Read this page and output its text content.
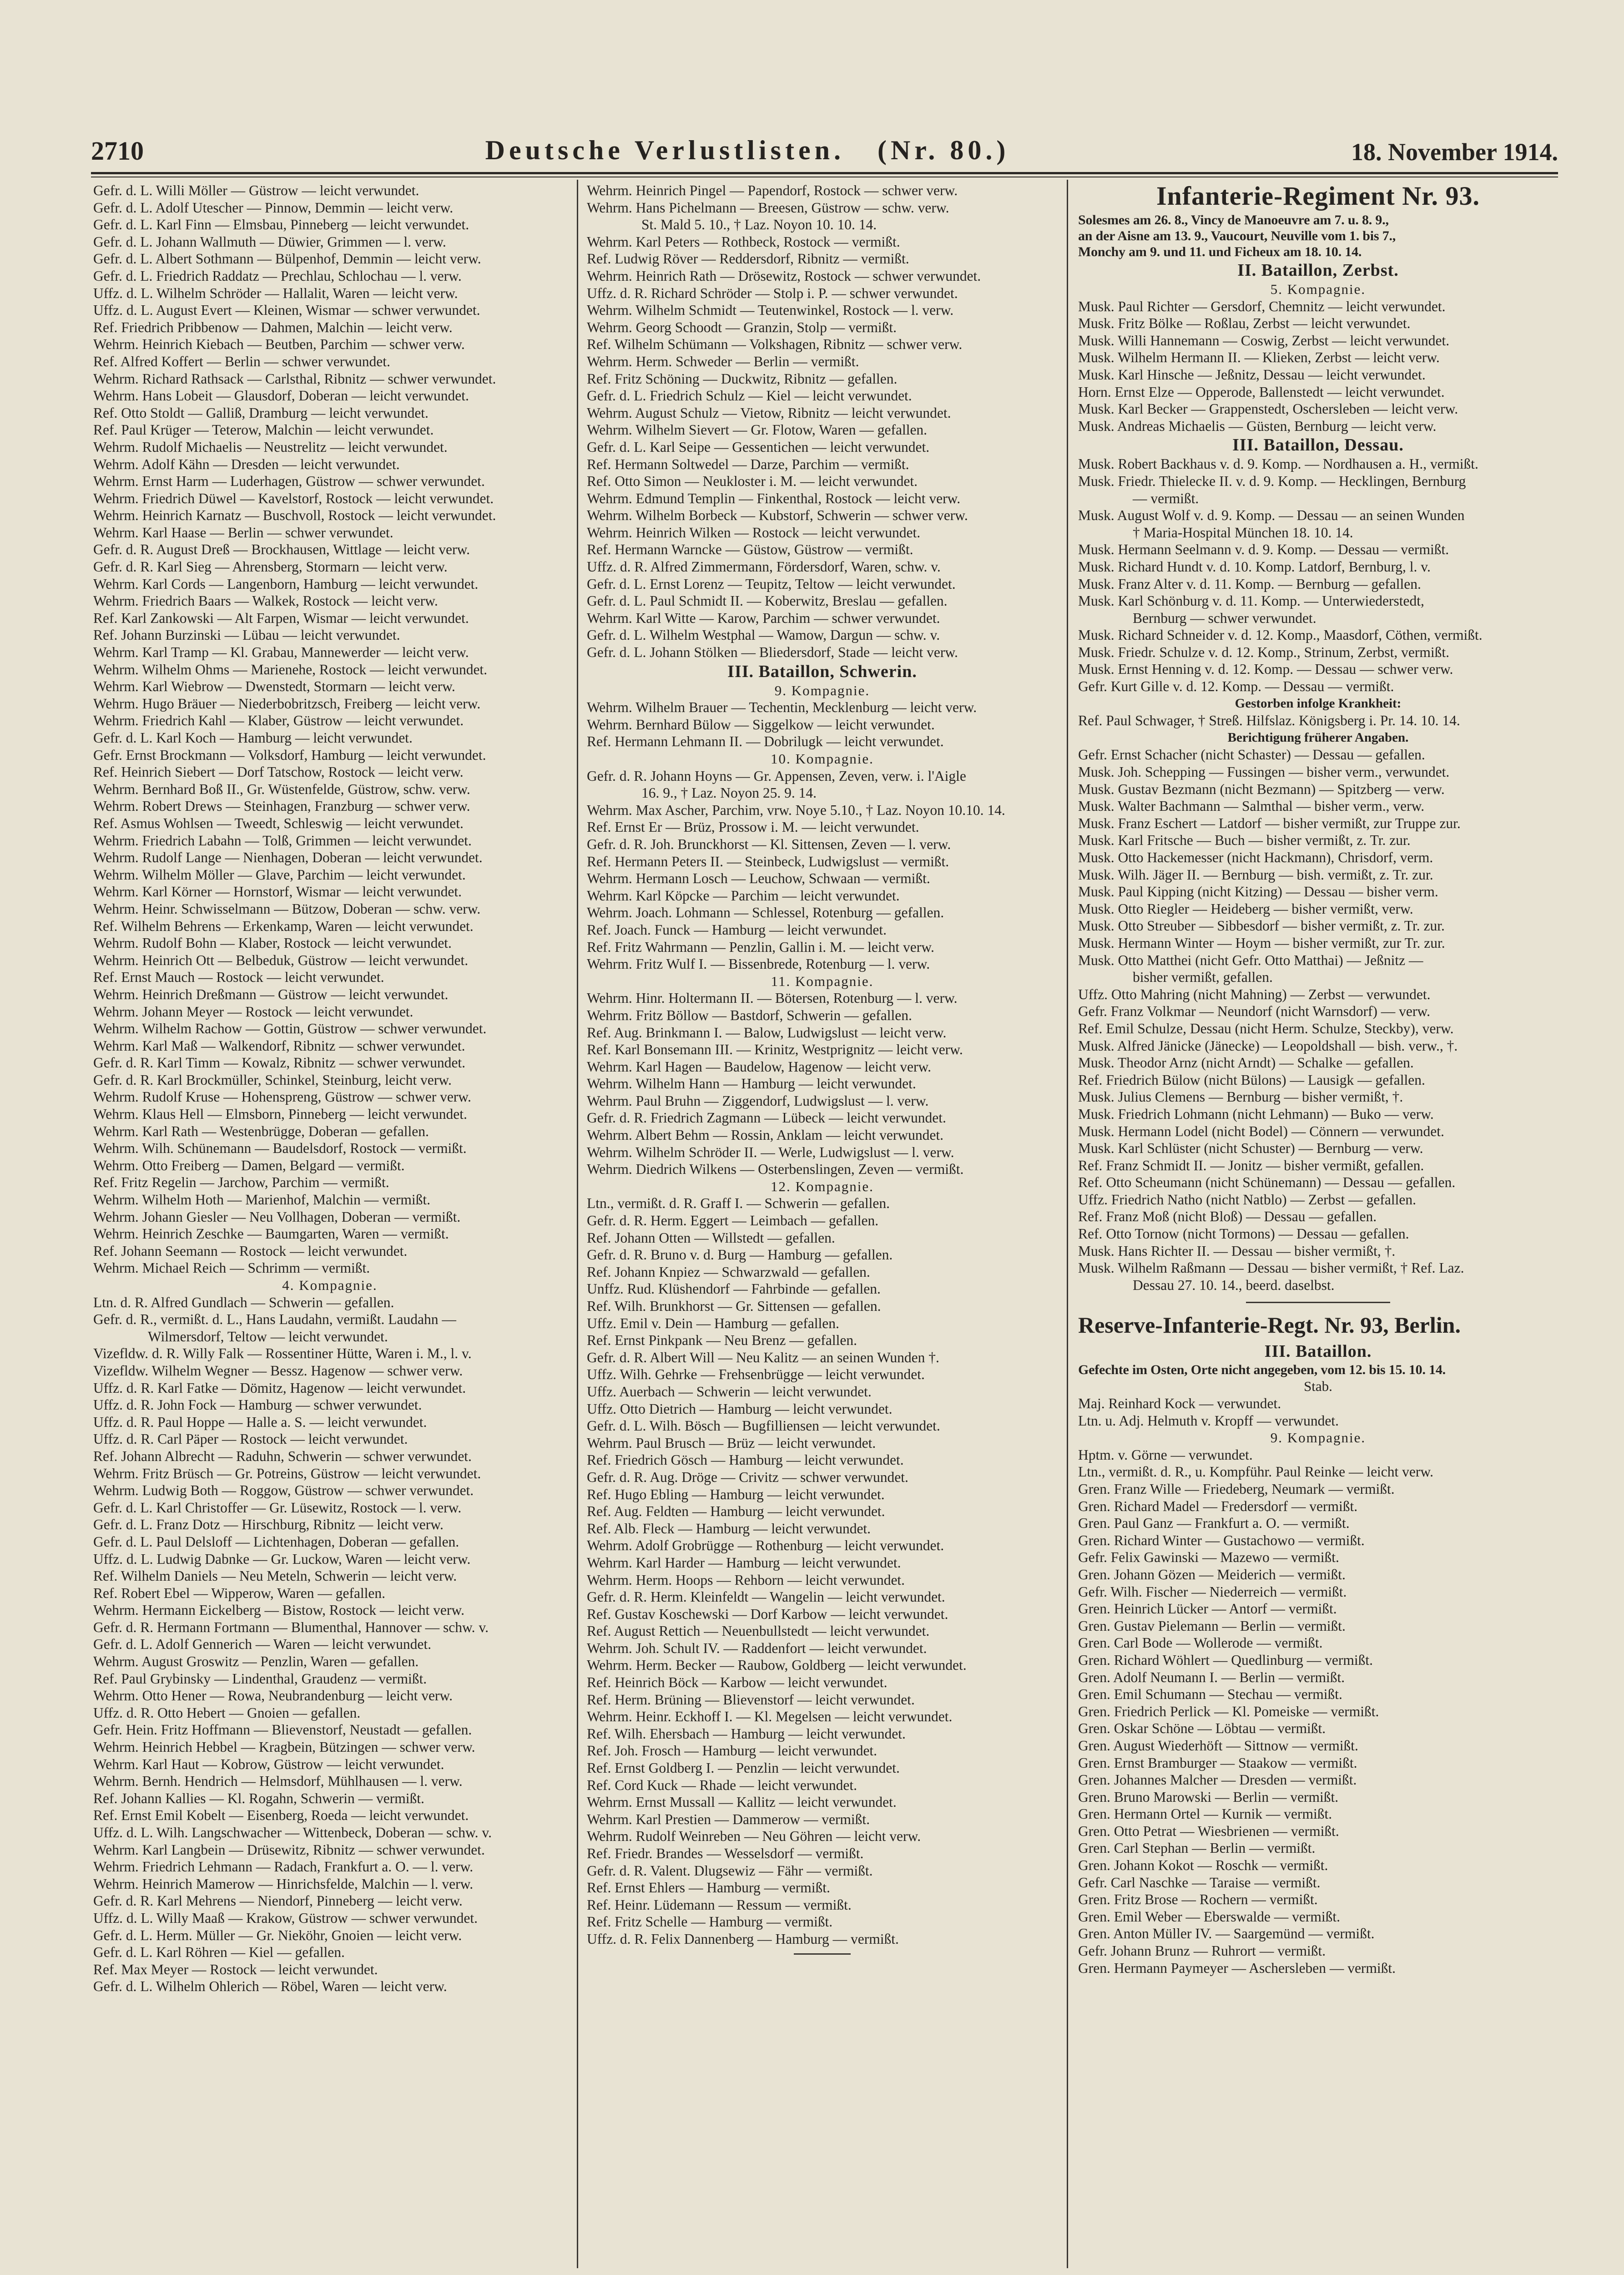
2710	Deutsche Verlustlisten. (Nr. 80.)	18. November 1914.
Gefr. d. L. Willi Möller — Güstrow — leicht verwundet.
Gefr. d. L. Adolf Utescher — Pinnow, Demmin — leicht verw.
Gefr. d. L. Karl Finn — Elmsbau, Pinneberg — leicht verwundet.
Gefr. d. L. Johann Wallmuth — Düwier, Grimmen — l. verw.
Gefr. d. L. Albert Sothmann — Bülpenhof, Demmin — leicht verw.
Gefr. d. L. Friedrich Raddatz — Prechlau, Schlochau — l. verw.
Uffz. d. L. Wilhelm Schröder — Hallalit, Waren — leicht verw.
Uffz. d. L. August Evert — Kleinen, Wismar — schwer verwundet.
Ref. Friedrich Pribbenow — Dahmen, Malchin — leicht verw.
Wehrm. Heinrich Kiebach — Beutben, Parchim — schwer verw.
Ref. Alfred Koffert — Berlin — schwer verwundet.
Wehrm. Richard Rathsack — Carlsthal, Ribnitz — schwer verwundet.
Wehrm. Hans Lobeit — Glausdorf, Doberan — leicht verwundet.
Ref. Otto Stoldt — Galliß, Dramburg — leicht verwundet.
Ref. Paul Krüger — Teterow, Malchin — leicht verwundet.
Wehrm. Rudolf Michaelis — Neustrelitz — leicht verwundet.
Wehrm. Adolf Kähn — Dresden — leicht verwundet.
Wehrm. Ernst Harm — Luderhagen, Güstrow — schwer verwundet.
Wehrm. Friedrich Düwel — Kavelstorf, Rostock — leicht verwundet.
Wehrm. Heinrich Karnatz — Buschvoll, Rostock — leicht verwundet.
Wehrm. Karl Haase — Berlin — schwer verwundet.
Gefr. d. R. August Dreß — Brockhausen, Wittlage — leicht verw.
Gefr. d. R. Karl Sieg — Ahrensberg, Stormarn — leicht verw.
Wehrm. Karl Cords — Langenborn, Hamburg — leicht verwundet.
Wehrm. Friedrich Baars — Walkek, Rostock — leicht verw.
Ref. Karl Zankowski — Alt Farpen, Wismar — leicht verwundet.
Ref. Johann Burzinski — Lübau — leicht verwundet.
Wehrm. Karl Tramp — Kl. Grabau, Mannewerder — leicht verw.
Wehrm. Wilhelm Ohms — Marienehe, Rostock — leicht verwundet.
Wehrm. Karl Wiebrow — Dwenstedt, Stormarn — leicht verw.
Wehrm. Hugo Bräuer — Niederbobritzsch, Freiberg — leicht verw.
Wehrm. Friedrich Kahl — Klaber, Güstrow — leicht verwundet.
Gefr. d. L. Karl Koch — Hamburg — leicht verwundet.
Gefr. Ernst Brockmann — Volksdorf, Hamburg — leicht verwundet.
Ref. Heinrich Siebert — Dorf Tatschow, Rostock — leicht verw.
Wehrm. Bernhard Boß II., Gr. Wüstenfelde, Güstrow, schw. verw.
Wehrm. Robert Drews — Steinhagen, Franzburg — schwer verw.
Ref. Asmus Wohlsen — Tweedt, Schleswig — leicht verwundet.
Wehrm. Friedrich Labahn — Tolß, Grimmen — leicht verwundet.
Wehrm. Rudolf Lange — Nienhagen, Doberan — leicht verwundet.
Wehrm. Wilhelm Möller — Glave, Parchim — leicht verwundet.
Wehrm. Karl Körner — Hornstorf, Wismar — leicht verwundet.
Wehrm. Heinr. Schwisselmann — Bützow, Doberan — schw. verw.
Ref. Wilhelm Behrens — Erkenkamp, Waren — leicht verwundet.
Wehrm. Rudolf Bohn — Klaber, Rostock — leicht verwundet.
Wehrm. Heinrich Ott — Belbeduk, Güstrow — leicht verwundet.
Ref. Ernst Mauch — Rostock — leicht verwundet.
Wehrm. Heinrich Dreßmann — Güstrow — leicht verwundet.
Wehrm. Johann Meyer — Rostock — leicht verwundet.
Wehrm. Wilhelm Rachow — Gottin, Güstrow — schwer verwundet.
Wehrm. Karl Maß — Walkendorf, Ribnitz — schwer verwundet.
Gefr. d. R. Karl Timm — Kowalz, Ribnitz — schwer verwundet.
Gefr. d. R. Karl Brockmüller, Schinkel, Steinburg, leicht verw.
Wehrm. Rudolf Kruse — Hohenspreng, Güstrow — schwer verw.
Wehrm. Klaus Hell — Elmsborn, Pinneberg — leicht verwundet.
Wehrm. Karl Rath — Westenbrügge, Doberan — gefallen.
Wehrm. Wilh. Schünemann — Baudelsdorf, Rostock — vermißt.
Wehrm. Otto Freiberg — Damen, Belgard — vermißt.
Ref. Fritz Regelin — Jarchow, Parchim — vermißt.
Wehrm. Wilhelm Hoth — Marienhof, Malchin — vermißt.
Wehrm. Johann Giesler — Neu Vollhagen, Doberan — vermißt.
Wehrm. Heinrich Zeschke — Baumgarten, Waren — vermißt.
Ref. Johann Seemann — Rostock — leicht verwundet.
Wehrm. Michael Reich — Schrimm — vermißt.
4. Kompagnie.
Ltn. d. R. Alfred Gundlach — Schwerin — gefallen.
Gefr. d. R., vermißt. d. L., Hans Laudahn, vermißt. Laudahn —
Wilmersdorf, Teltow — leicht verwundet.
Vizefldw. d. R. Willy Falk — Rossentiner Hütte, Waren i. M., l. v.
Vizefldw. Wilhelm Wegner — Bessz. Hagenow — schwer verw.
Uffz. d. R. Karl Fatke — Dömitz, Hagenow — leicht verwundet.
Uffz. d. R. John Fock — Hamburg — schwer verwundet.
Uffz. d. R. Paul Hoppe — Halle a. S. — leicht verwundet.
Uffz. d. R. Carl Päper — Rostock — leicht verwundet.
Ref. Johann Albrecht — Raduhn, Schwerin — schwer verwundet.
Wehrm. Fritz Brüsch — Gr. Potreins, Güstrow — leicht verwundet.
Wehrm. Ludwig Both — Roggow, Güstrow — schwer verwundet.
Gefr. d. L. Karl Christoffer — Gr. Lüsewitz, Rostock — l. verw.
Gefr. d. L. Franz Dotz — Hirschburg, Ribnitz — leicht verw.
Gefr. d. L. Paul Delsloff — Lichtenhagen, Doberan — gefallen.
Uffz. d. L. Ludwig Dabnke — Gr. Luckow, Waren — leicht verw.
Ref. Wilhelm Daniels — Neu Meteln, Schwerin — leicht verw.
Ref. Robert Ebel — Wipperow, Waren — gefallen.
Wehrm. Hermann Eickelberg — Bistow, Rostock — leicht verw.
Gefr. d. R. Hermann Fortmann — Blumenthal, Hannover — schw. v.
Gefr. d. L. Adolf Gennerich — Waren — leicht verwundet.
Wehrm. August Groswitz — Penzlin, Waren — gefallen.
Ref. Paul Grybinsky — Lindenthal, Graudenz — vermißt.
Wehrm. Otto Hener — Rowa, Neubrandenburg — leicht verw.
Uffz. d. R. Otto Hebert — Gnoien — gefallen.
Gefr. Hein. Fritz Hoffmann — Blievenstorf, Neustadt — gefallen.
Wehrm. Heinrich Hebbel — Kragbein, Bützingen — schwer verw.
Wehrm. Karl Haut — Kobrow, Güstrow — leicht verwundet.
Wehrm. Bernh. Hendrich — Helmsdorf, Mühlhausen — l. verw.
Ref. Johann Kallies — Kl. Rogahn, Schwerin — vermißt.
Ref. Ernst Emil Kobelt — Eisenberg, Roeda — leicht verwundet.
Uffz. d. L. Wilh. Langschwacher — Wittenbeck, Doberan — schw. v.
Wehrm. Karl Langbein — Drüsewitz, Ribnitz — schwer verwundet.
Wehrm. Friedrich Lehmann — Radach, Frankfurt a. O. — l. verw.
Wehrm. Heinrich Mamerow — Hinrichsfelde, Malchin — l. verw.
Gefr. d. R. Karl Mehrens — Niendorf, Pinneberg — leicht verw.
Uffz. d. L. Willy Maaß — Krakow, Güstrow — schwer verwundet.
Gefr. d. L. Herm. Müller — Gr. Nieköhr, Gnoien — leicht verw.
Gefr. d. L. Karl Röhren — Kiel — gefallen.
Ref. Max Meyer — Rostock — leicht verwundet.
Gefr. d. L. Wilhelm Ohlerich — Röbel, Waren — leicht verw.
Wehrm. Heinrich Pingel — Papendorf, Rostock — schwer verw.
Wehrm. Hans Pichelmann — Breesen, Güstrow — schw. verw.
St. Mald 5. 10., † Laz. Noyon 10. 10. 14.
Wehrm. Karl Peters — Rothbeck, Rostock — vermißt.
Ref. Ludwig Röver — Reddersdorf, Ribnitz — vermißt.
Wehrm. Heinrich Rath — Drösewitz, Rostock — schwer verwundet.
Uffz. d. R. Richard Schröder — Stolp i. P. — schwer verwundet.
Wehrm. Wilhelm Schmidt — Teutenwinkel, Rostock — l. verw.
Wehrm. Georg Schoodt — Granzin, Stolp — vermißt.
Ref. Wilhelm Schümann — Volkshagen, Ribnitz — schwer verw.
Wehrm. Herm. Schweder — Berlin — vermißt.
Ref. Fritz Schöning — Duckwitz, Ribnitz — gefallen.
Gefr. d. L. Friedrich Schulz — Kiel — leicht verwundet.
Wehrm. August Schulz — Vietow, Ribnitz — leicht verwundet.
Wehrm. Wilhelm Sievert — Gr. Flotow, Waren — gefallen.
Gefr. d. L. Karl Seipe — Gessentichen — leicht verwundet.
Ref. Hermann Soltwedel — Darze, Parchim — vermißt.
Ref. Otto Simon — Neukloster i. M. — leicht verwundet.
Wehrm. Edmund Templin — Finkenthal, Rostock — leicht verw.
Wehrm. Wilhelm Borbeck — Kubstorf, Schwerin — schwer verw.
Wehrm. Heinrich Wilken — Rostock — leicht verwundet.
Ref. Hermann Warncke — Güstow, Güstrow — vermißt.
Uffz. d. R. Alfred Zimmermann, Fördersdorf, Waren, schw. v.
Gefr. d. L. Ernst Lorenz — Teupitz, Teltow — leicht verwundet.
Gefr. d. L. Paul Schmidt II. — Koberwitz, Breslau — gefallen.
Wehrm. Karl Witte — Karow, Parchim — schwer verwundet.
Gefr. d. L. Wilhelm Westphal — Wamow, Dargun — schw. v.
Gefr. d. L. Johann Stölken — Bliedersdorf, Stade — leicht verw.
III. Bataillon, Schwerin.
9. Kompagnie.
Wehrm. Wilhelm Brauer — Techentin, Mecklenburg — leicht verw.
Wehrm. Bernhard Bülow — Siggelkow — leicht verwundet.
Ref. Hermann Lehmann II. — Dobrilugk — leicht verwundet.
10. Kompagnie.
Gefr. d. R. Johann Hoyns — Gr. Appensen, Zeven, verw. i. l'Aigle
16. 9., † Laz. Noyon 25. 9. 14.
Wehrm. Max Ascher, Parchim, vrw. Noye 5.10., † Laz. Noyon 10.10. 14.
Ref. Ernst Er — Brüz, Prossow i. M. — leicht verwundet.
Gefr. d. R. Joh. Brunckhorst — Kl. Sittensen, Zeven — l. verw.
Ref. Hermann Peters II. — Steinbeck, Ludwigslust — vermißt.
Wehrm. Hermann Losch — Leuchow, Schwaan — vermißt.
Wehrm. Karl Köpcke — Parchim — leicht verwundet.
Wehrm. Joach. Lohmann — Schlessel, Rotenburg — gefallen.
Ref. Joach. Funck — Hamburg — leicht verwundet.
Ref. Fritz Wahrmann — Penzlin, Gallin i. M. — leicht verw.
Wehrm. Fritz Wulf I. — Bissenbrede, Rotenburg — l. verw.
11. Kompagnie.
Wehrm. Hinr. Holtermann II. — Bötersen, Rotenburg — l. verw.
Wehrm. Fritz Böllow — Bastdorf, Schwerin — gefallen.
Ref. Aug. Brinkmann I. — Balow, Ludwigslust — leicht verw.
Ref. Karl Bonsemann III. — Krinitz, Westprignitz — leicht verw.
Wehrm. Karl Hagen — Baudelow, Hagenow — leicht verw.
Wehrm. Wilhelm Hann — Hamburg — leicht verwundet.
Wehrm. Paul Bruhn — Ziggendorf, Ludwigslust — l. verw.
Gefr. d. R. Friedrich Zagmann — Lübeck — leicht verwundet.
Wehrm. Albert Behm — Rossin, Anklam — leicht verwundet.
Wehrm. Wilhelm Schröder II. — Werle, Ludwigslust — l. verw.
Wehrm. Diedrich Wilkens — Osterbenslingen, Zeven — vermißt.
12. Kompagnie.
Ltn., vermißt. d. R. Graff I. — Schwerin — gefallen.
Gefr. d. R. Herm. Eggert — Leimbach — gefallen.
Ref. Johann Otten — Willstedt — gefallen.
Gefr. d. R. Bruno v. d. Burg — Hamburg — gefallen.
Ref. Johann Knpiez — Schwarzwald — gefallen.
Unffz. Rud. Klüshendorf — Fahrbinde — gefallen.
Ref. Wilh. Brunkhorst — Gr. Sittensen — gefallen.
Uffz. Emil v. Dein — Hamburg — gefallen.
Ref. Ernst Pinkpank — Neu Brenz — gefallen.
Gefr. d. R. Albert Will — Neu Kalitz — an seinen Wunden †.
Uffz. Wilh. Gehrke — Frehsenbrügge — leicht verwundet.
Uffz. Auerbach — Schwerin — leicht verwundet.
Uffz. Otto Dietrich — Hamburg — leicht verwundet.
Gefr. d. L. Wilh. Bösch — Bugfilliensen — leicht verwundet.
Wehrm. Paul Brusch — Brüz — leicht verwundet.
Ref. Friedrich Gösch — Hamburg — leicht verwundet.
Gefr. d. R. Aug. Dröge — Crivitz — schwer verwundet.
Ref. Hugo Ebling — Hamburg — leicht verwundet.
Ref. Aug. Feldten — Hamburg — leicht verwundet.
Ref. Alb. Fleck — Hamburg — leicht verwundet.
Wehrm. Adolf Grobrügge — Rothenburg — leicht verwundet.
Wehrm. Karl Harder — Hamburg — leicht verwundet.
Wehrm. Herm. Hoops — Rehborn — leicht verwundet.
Gefr. d. R. Herm. Kleinfeldt — Wangelin — leicht verwundet.
Ref. Gustav Koschewski — Dorf Karbow — leicht verwundet.
Ref. August Rettich — Neuenbullstedt — leicht verwundet.
Wehrm. Joh. Schult IV. — Raddenfort — leicht verwundet.
Wehrm. Herm. Becker — Raubow, Goldberg — leicht verwundet.
Ref. Heinrich Böck — Karbow — leicht verwundet.
Ref. Herm. Brüning — Blievenstorf — leicht verwundet.
Wehrm. Heinr. Eckhoff I. — Kl. Megelsen — leicht verwundet.
Ref. Wilh. Ehersbach — Hamburg — leicht verwundet.
Ref. Joh. Frosch — Hamburg — leicht verwundet.
Ref. Ernst Goldberg I. — Penzlin — leicht verwundet.
Ref. Cord Kuck — Rhade — leicht verwundet.
Wehrm. Ernst Mussall — Kallitz — leicht verwundet.
Wehrm. Karl Prestien — Dammerow — vermißt.
Wehrm. Rudolf Weinreben — Neu Göhren — leicht verw.
Ref. Friedr. Brandes — Wesselsdorf — vermißt.
Gefr. d. R. Valent. Dlugsewiz — Fähr — vermißt.
Ref. Ernst Ehlers — Hamburg — vermißt.
Ref. Heinr. Lüdemann — Ressum — vermißt.
Ref. Fritz Schelle — Hamburg — vermißt.
Uffz. d. R. Felix Dannenberg — Hamburg — vermißt.
Infanterie-Regiment Nr. 93.
Solesmes am 26. 8., Vincy de Manoeuvre am 7. u. 8. 9.,
an der Aisne am 13. 9., Vaucourt, Neuville vom 1. bis 7.,
Monchy am 9. und 11. und Ficheux am 18. 10. 14.
II. Bataillon, Zerbst.
5. Kompagnie.
Musk. Paul Richter — Gersdorf, Chemnitz — leicht verwundet.
Musk. Fritz Bölke — Roßlau, Zerbst — leicht verwundet.
Musk. Willi Hannemann — Coswig, Zerbst — leicht verwundet.
Musk. Wilhelm Hermann II. — Klieken, Zerbst — leicht verw.
Musk. Karl Hinsche — Jeßnitz, Dessau — leicht verwundet.
Horn. Ernst Elze — Opperode, Ballenstedt — leicht verwundet.
Musk. Karl Becker — Grappenstedt, Oschersleben — leicht verw.
Musk. Andreas Michaelis — Güsten, Bernburg — leicht verw.
III. Bataillon, Dessau.
Musk. Robert Backhaus v. d. 9. Komp. — Nordhausen a. H., vermißt.
Musk. Friedr. Thielecke II. v. d. 9. Komp. — Hecklingen, Bernburg
— vermißt.
Musk. August Wolf v. d. 9. Komp. — Dessau — an seinen Wunden
† Maria-Hospital München 18. 10. 14.
Musk. Hermann Seelmann v. d. 9. Komp. — Dessau — vermißt.
Musk. Richard Hundt v. d. 10. Komp. Latdorf, Bernburg, l. v.
Musk. Franz Alter v. d. 11. Komp. — Bernburg — gefallen.
Musk. Karl Schönburg v. d. 11. Komp. — Unterwiederstedt,
Bernburg — schwer verwundet.
Musk. Richard Schneider v. d. 12. Komp., Maasdorf, Cöthen, vermißt.
Musk. Friedr. Schulze v. d. 12. Komp., Strinum, Zerbst, vermißt.
Musk. Ernst Henning v. d. 12. Komp. — Dessau — schwer verw.
Gefr. Kurt Gille v. d. 12. Komp. — Dessau — vermißt.
Gestorben infolge Krankheit:
Ref. Paul Schwager, † Streß. Hilfslaz. Königsberg i. Pr. 14. 10. 14.
Berichtigung früherer Angaben.
Gefr. Ernst Schacher (nicht Schaster) — Dessau — gefallen.
Musk. Joh. Schepping — Fussingen — bisher verm., verwundet.
Musk. Gustav Bezmann (nicht Bezmann) — Spitzberg — verw.
Musk. Walter Bachmann — Salmthal — bisher verm., verw.
Musk. Franz Eschert — Latdorf — bisher vermißt, zur Truppe zur.
Musk. Karl Fritsche — Buch — bisher vermißt, z. Tr. zur.
Musk. Otto Hackemesser (nicht Hackmann), Chrisdorf, verm.
Musk. Wilh. Jäger II. — Bernburg — bish. vermißt, z. Tr. zur.
Musk. Paul Kipping (nicht Kitzing) — Dessau — bisher verm.
Musk. Otto Riegler — Heideberg — bisher vermißt, verw.
Musk. Otto Streuber — Sibbesdorf — bisher vermißt, z. Tr. zur.
Musk. Hermann Winter — Hoym — bisher vermißt, zur Tr. zur.
Musk. Otto Matthei (nicht Gefr. Otto Matthai) — Jeßnitz —
bisher vermißt, gefallen.
Uffz. Otto Mahring (nicht Mahning) — Zerbst — verwundet.
Gefr. Franz Volkmar — Neundorf (nicht Warnsdorf) — verw.
Ref. Emil Schulze, Dessau (nicht Herm. Schulze, Steckby), verw.
Musk. Alfred Jänicke (Jänecke) — Leopoldshall — bish. verw., †.
Musk. Theodor Arnz (nicht Arndt) — Schalke — gefallen.
Ref. Friedrich Bülow (nicht Bülons) — Lausigk — gefallen.
Musk. Julius Clemens — Bernburg — bisher vermißt, †.
Musk. Friedrich Lohmann (nicht Lehmann) — Buko — verw.
Musk. Hermann Lodel (nicht Bodel) — Cönnern — verwundet.
Musk. Karl Schlüster (nicht Schuster) — Bernburg — verw.
Ref. Franz Schmidt II. — Jonitz — bisher vermißt, gefallen.
Ref. Otto Scheumann (nicht Schünemann) — Dessau — gefallen.
Uffz. Friedrich Natho (nicht Natblo) — Zerbst — gefallen.
Ref. Franz Moß (nicht Bloß) — Dessau — gefallen.
Ref. Otto Tornow (nicht Tormons) — Dessau — gefallen.
Musk. Hans Richter II. — Dessau — bisher vermißt, †.
Musk. Wilhelm Raßmann — Dessau — bisher vermißt, † Ref. Laz.
Dessau 27. 10. 14., beerd. daselbst.
Reserve-Infanterie-Regt. Nr. 93, Berlin.
III. Bataillon.
Gefechte im Osten, Orte nicht angegeben, vom 12. bis 15. 10. 14.
Stab.
Maj. Reinhard Kock — verwundet.
Ltn. u. Adj. Helmuth v. Kropff — verwundet.
9. Kompagnie.
Hptm. v. Görne — verwundet.
Ltn., vermißt. d. R., u. Kompführ. Paul Reinke — leicht verw.
Gren. Franz Wille — Friedeberg, Neumark — vermißt.
Gren. Richard Madel — Fredersdorf — vermißt.
Gren. Paul Ganz — Frankfurt a. O. — vermißt.
Gren. Richard Winter — Gustachowo — vermißt.
Gefr. Felix Gawinski — Mazewo — vermißt.
Gren. Johann Gözen — Meiderich — vermißt.
Gefr. Wilh. Fischer — Niederreich — vermißt.
Gren. Heinrich Lücker — Antorf — vermißt.
Gren. Gustav Pielemann — Berlin — vermißt.
Gren. Carl Bode — Wollerode — vermißt.
Gren. Richard Wöhlert — Quedlinburg — vermißt.
Gren. Adolf Neumann I. — Berlin — vermißt.
Gren. Emil Schumann — Stechau — vermißt.
Gren. Friedrich Perlick — Kl. Pomeiske — vermißt.
Gren. Oskar Schöne — Löbtau — vermißt.
Gren. August Wiederhöft — Sittnow — vermißt.
Gren. Ernst Bramburger — Staakow — vermißt.
Gren. Johannes Malcher — Dresden — vermißt.
Gren. Bruno Marowski — Berlin — vermißt.
Gren. Hermann Ortel — Kurnik — vermißt.
Gren. Otto Petrat — Wiesbrienen — vermißt.
Gren. Carl Stephan — Berlin — vermißt.
Gren. Johann Kokot — Roschk — vermißt.
Gefr. Carl Naschke — Taraise — vermißt.
Gren. Fritz Brose — Rochern — vermißt.
Gren. Emil Weber — Eberswalde — vermißt.
Gren. Anton Müller IV. — Saargemünd — vermißt.
Gefr. Johann Brunz — Ruhrort — vermißt.
Gren. Hermann Paymeyer — Aschersleben — vermißt.
